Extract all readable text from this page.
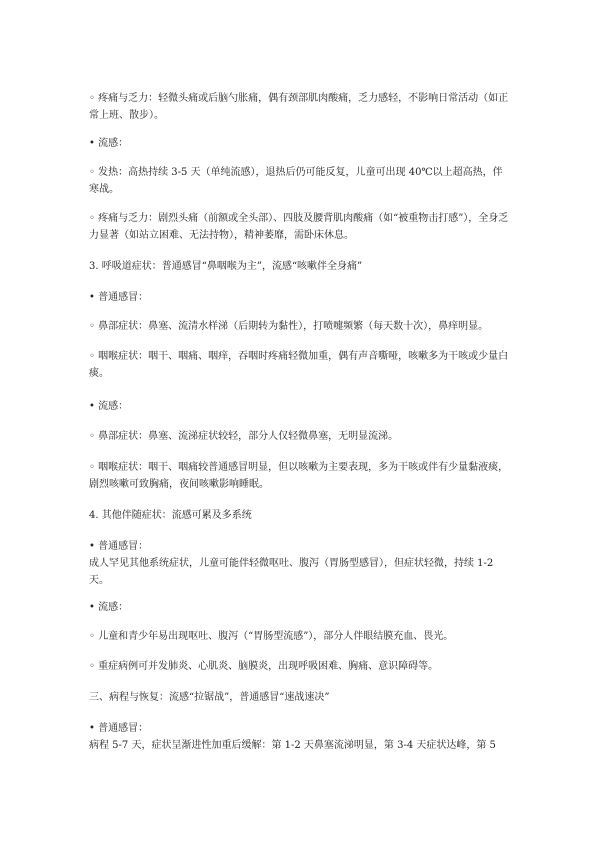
◦ 疼痛与乏力：轻微头痛或后脑勺胀痛，偶有颈部肌肉酸痛，乏力感轻，不影响日常活动（如正常上班、散步）。

• 流感：

◦ 发热：高热持续 3-5 天（单纯流感），退热后仍可能反复，儿童可出现 40℃以上超高热，伴寒战。

◦ 疼痛与乏力：剧烈头痛（前额或全头部）、四肢及腰背肌肉酸痛（如“被重物击打感”），全身乏力显著（如站立困难、无法持物），精神萎靡，需卧床休息。

3. 呼吸道症状：普通感冒“鼻咽喉为主”，流感“咳嗽伴全身痛”

• 普通感冒：

◦ 鼻部症状：鼻塞、流清水样涕（后期转为黏性），打喷嚏频繁（每天数十次），鼻痒明显。

◦ 咽喉症状：咽干、咽痛、咽痒，吞咽时疼痛轻微加重，偶有声音嘶哑，咳嗽多为干咳或少量白痰。

• 流感：

◦ 鼻部症状：鼻塞、流涕症状较轻，部分人仅轻微鼻塞，无明显流涕。

◦ 咽喉症状：咽干、咽痛较普通感冒明显，但以咳嗽为主要表现，多为干咳或伴有少量黏液痰，剧烈咳嗽可致胸痛，夜间咳嗽影响睡眠。

4. 其他伴随症状：流感可累及多系统

• 普通感冒：
成人罕见其他系统症状，儿童可能伴轻微呕吐、腹泻（胃肠型感冒），但症状轻微，持续 1-2 天。

• 流感：

◦ 儿童和青少年易出现呕吐、腹泻（“胃肠型流感”），部分人伴眼结膜充血、畏光。

◦ 重症病例可并发肺炎、心肌炎、脑膜炎，出现呼吸困难、胸痛、意识障碍等。

三、病程与恢复：流感“拉锯战”，普通感冒“速战速决”

• 普通感冒：
病程 5-7 天，症状呈渐进性加重后缓解：第 1-2 天鼻塞流涕明显，第 3-4 天症状达峰，第 5
